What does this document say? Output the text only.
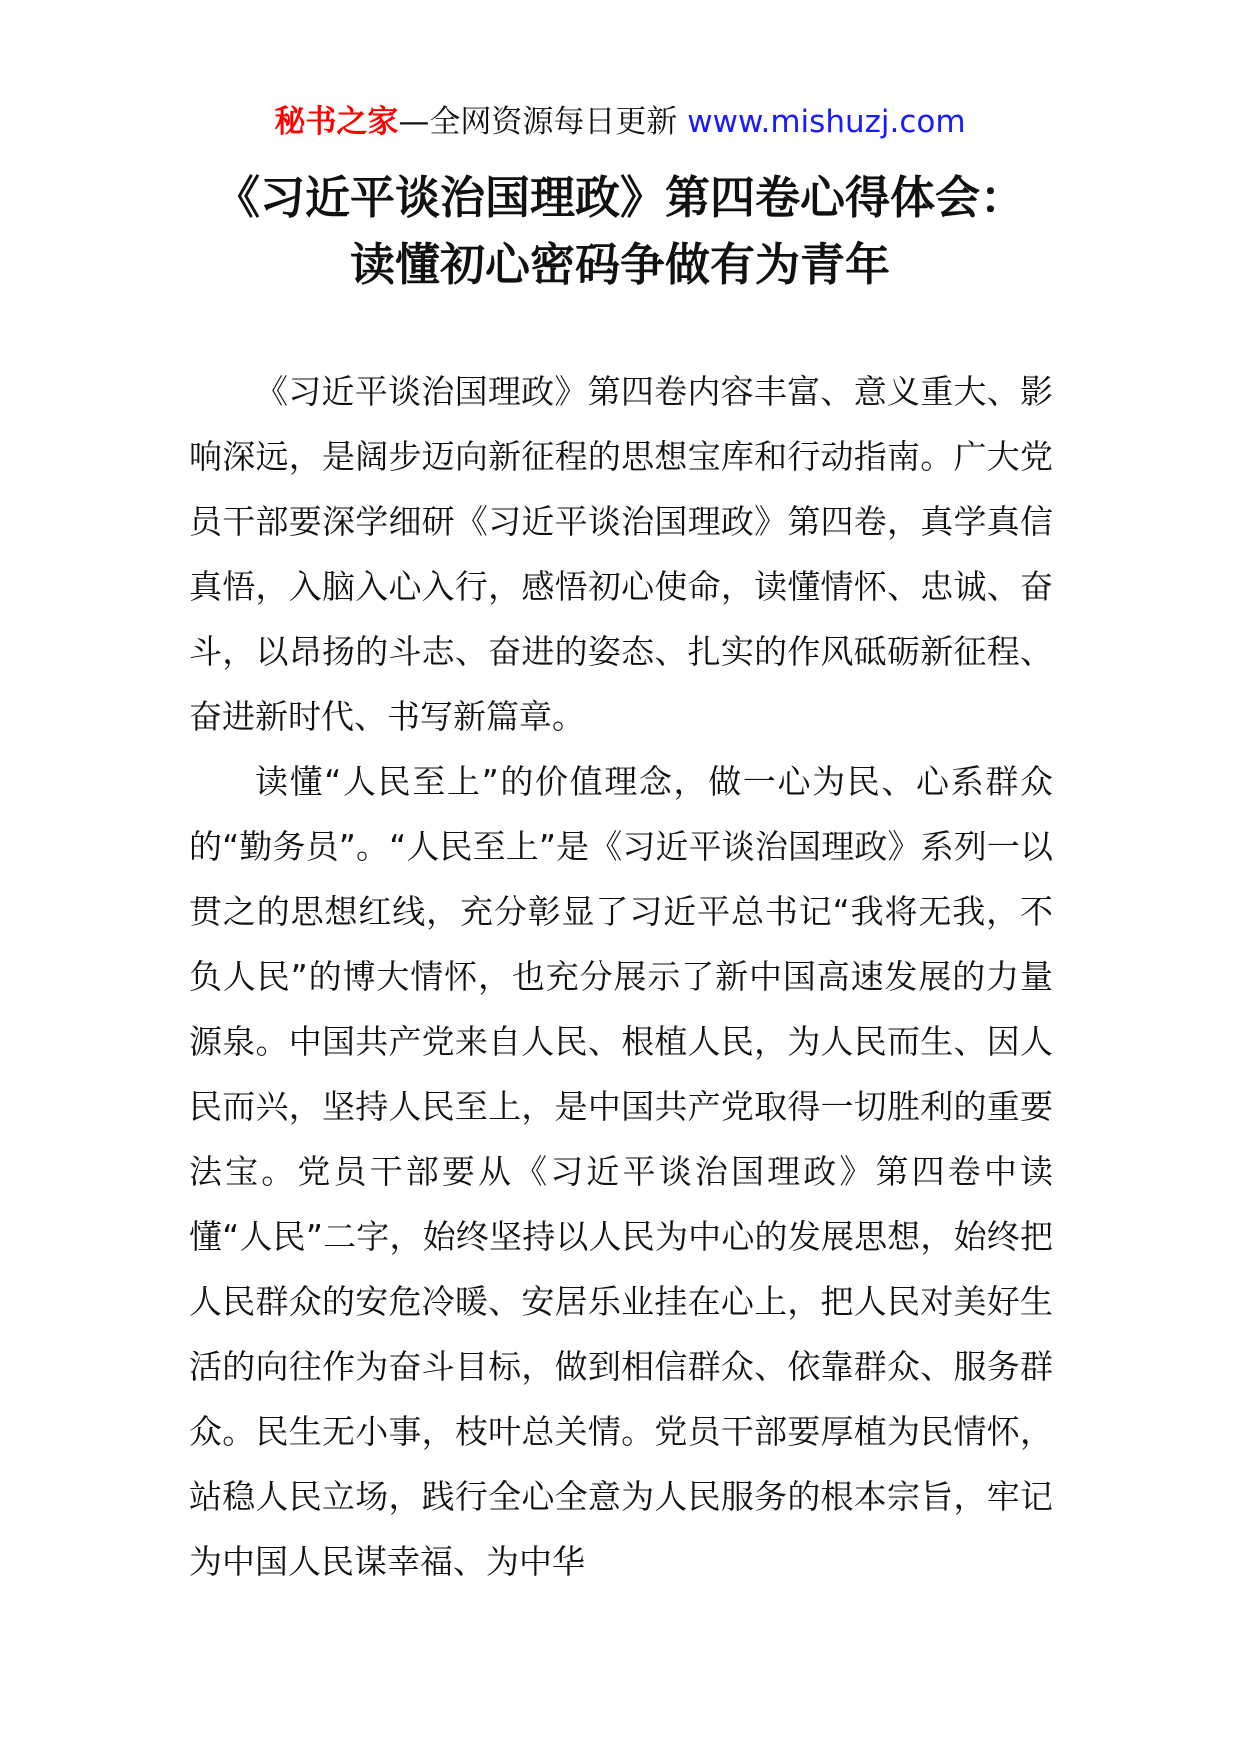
秘书之家—全网资源每日更新 www.mishuzj.com
《习近平谈治国理政》第四卷心得体会：
读懂初心密码争做有为青年

《习近平谈治国理政》第四卷内容丰富、意义重大、影响深远，是阔步迈向新征程的思想宝库和行动指南。广大党员干部要深学细研《习近平谈治国理政》第四卷，真学真信真悟，入脑入心入行，感悟初心使命，读懂情怀、忠诚、奋斗，以昂扬的斗志、奋进的姿态、扎实的作风砥砺新征程、奋进新时代、书写新篇章。

读懂“人民至上”的价值理念，做一心为民、心系群众的“勤务员”。“人民至上”是《习近平谈治国理政》系列一以贯之的思想红线，充分彰显了习近平总书记“我将无我，不负人民”的博大情怀，也充分展示了新中国高速发展的力量源泉。中国共产党来自人民、根植人民，为人民而生、因人民而兴，坚持人民至上，是中国共产党取得一切胜利的重要法宝。党员干部要从《习近平谈治国理政》第四卷中读懂“人民”二字，始终坚持以人民为中心的发展思想，始终把人民群众的安危冷暖、安居乐业挂在心上，把人民对美好生活的向往作为奋斗目标，做到相信群众、依靠群众、服务群众。民生无小事，枝叶总关情。党员干部要厚植为民情怀，站稳人民立场，践行全心全意为人民服务的根本宗旨，牢记为中国人民谋幸福、为中华
